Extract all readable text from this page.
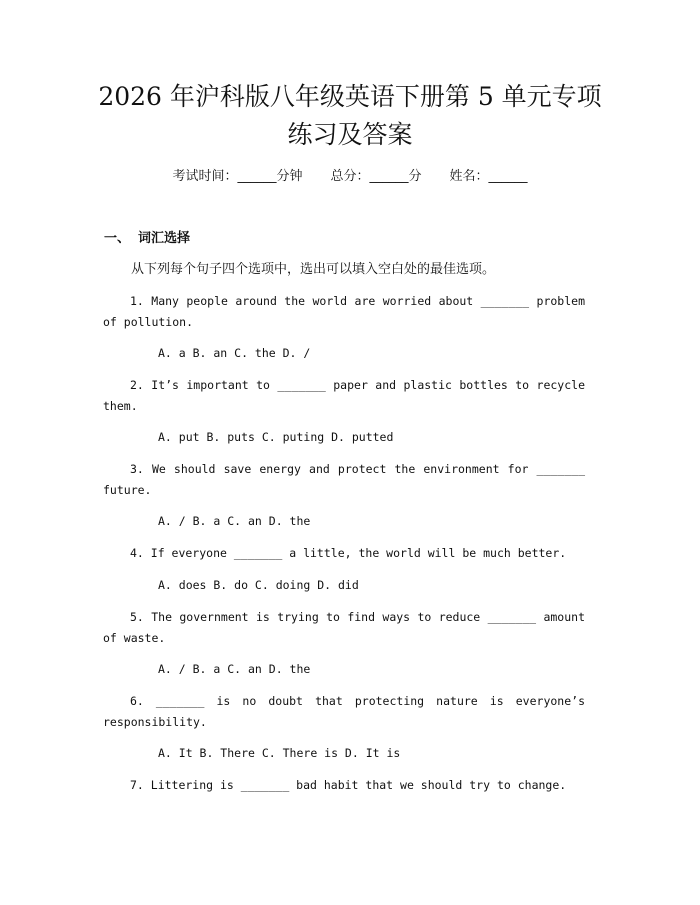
2026 年沪科版八年级英语下册第 5 单元专项
练习及答案
考试时间：______分钟 总分：______分 姓名：______
一、 词汇选择
从下列每个句子四个选项中，选出可以填入空白处的最佳选项。

1. Many people around the world are worried about _______ problem of pollution.

A. a B. an C. the D. /

2. It’s important to _______ paper and plastic bottles to recycle them.

A. put B. puts C. puting D. putted

3. We should save energy and protect the environment for _______ future.

A. / B. a C. an D. the

4. If everyone _______ a little, the world will be much better.

A. does B. do C. doing D. did

5. The government is trying to find ways to reduce _______ amount of waste.

A. / B. a C. an D. the

6. _______ is no doubt that protecting nature is everyone’s responsibility.

A. It B. There C. There is D. It is

7. Littering is _______ bad habit that we should try to change.
